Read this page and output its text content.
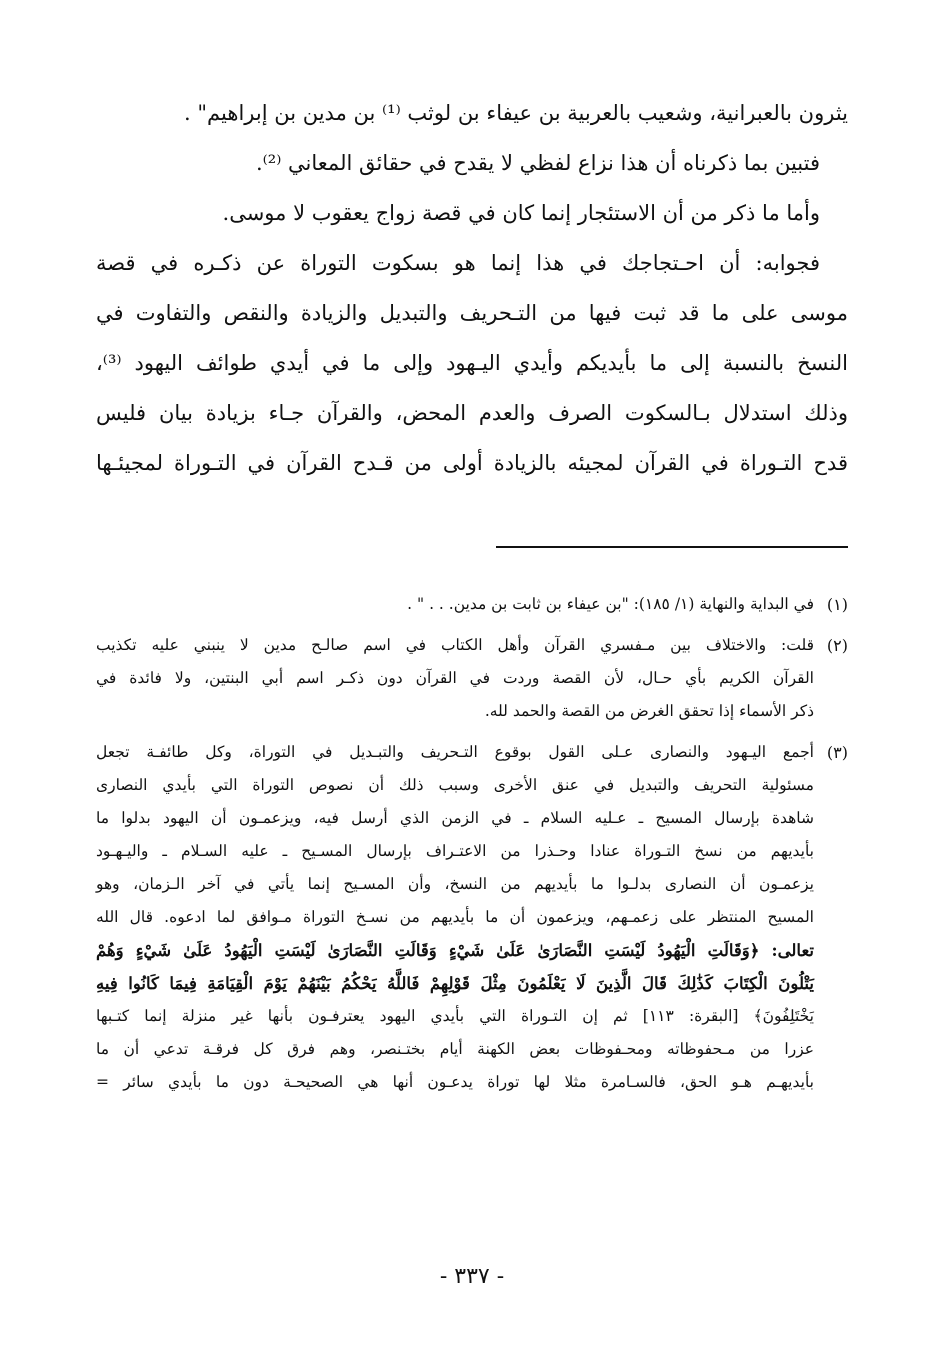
يثرون بالعبرانية، وشعيب بالعربية بن عيفاء بن لوثب ⁽¹⁾ بن مدين بن إبراهيم" .
فتبين بما ذكرناه أن هذا نزاع لفظي لا يقدح في حقائق المعاني ⁽²⁾.
وأما ما ذكر من أن الاستئجار إنما كان في قصة زواج يعقوب لا موسى.
فجوابه: أن احـتجاجك في هذا إنما هو بسكوت التوراة عن ذكـره في قصة
موسى على ما قد ثبت فيها من التـحريف والتبديل والزيادة والنقص والتفاوت في
النسخ بالنسبة إلى ما بأيديكم وأيدي اليـهود وإلى ما في أيدي طوائف اليهود ⁽³⁾،
وذلك استدلال بـالسكوت الصرف والعدم المحض، والقرآن جـاء بزيادة بيان فليس
قدح التـوراة في القرآن لمجيئه بالزيادة أولى من قـدح القرآن في التـوراة لمجيئـها
(١)
في البداية والنهاية (١/ ١٨٥): "بن عيفاء بن ثابت بن مدين. . . " .
(٢)
قلت: والاختلاف بين مـفسري القرآن وأهل الكتاب في اسم صالـح مدين لا ينبني عليه تكذيب
القرآن الكريم بأي حـال، لأن القصة وردت في القرآن دون ذكـر اسم أبي البنتين، ولا فائدة في
ذكر الأسماء إذا تحقق الغرض من القصة والحمد لله.
(٣)
أجمع اليـهود والنصارى عـلى القول بوقوع التـحريف والتبـديل في التوراة، وكل طائفـة تجعل
مسئولية التحريف والتبديل في عنق الأخرى وسبب ذلك أن نصوص التوراة التي بأيدي النصارى
شاهدة بإرسال المسيح ـ عـليه السلام ـ في الزمن الذي أرسل فيه، ويزعمـون أن اليهود بدلوا ما
بأيديهم من نسخ التـوراة عنادا وحـذرا من الاعتـراف بإرسال المسـيح ـ عليه السـلام ـ واليـهـود
يزعمـون أن النصارى بدلـوا ما بأيديهم من النسخ، وأن المسـيح إنما يأتي في آخر الـزمان، وهو
المسيح المنتظر على زعمـهم، ويزعمون أن ما بأيديهم من نسـخ التوراة مـوافق لما ادعوه. قال الله
تعالى: ﴿وَقَالَتِ الْيَهُودُ لَيْسَتِ النَّصَارَىٰ عَلَىٰ شَيْءٍ وَقَالَتِ النَّصَارَىٰ لَيْسَتِ الْيَهُودُ عَلَىٰ شَيْءٍ وَهُمْ
يَتْلُونَ الْكِتَابَ كَذَٰلِكَ قَالَ الَّذِينَ لَا يَعْلَمُونَ مِثْلَ قَوْلِهِمْ فَاللَّهُ يَحْكُمُ بَيْنَهُمْ يَوْمَ الْقِيَامَةِ فِيمَا كَانُوا فِيهِ
يَخْتَلِفُونَ﴾ [البقرة: ١١٣] ثم إن التـوراة التي بأيدي اليهود يعترفـون بأنها غير منزلة إنما كتـبها
عزرا من مـحفوظاته ومحـفوظات بعض الكهنة أيام بختـنصر، وهم فرق كل فرقـة تدعي أن ما
بأيديهـم هـو الحق، فالسـامرة مثلا لها توراة يدعـون أنها هي الصحيحـة دون ما بأيدي سائر =
- ٣٣٧ -
